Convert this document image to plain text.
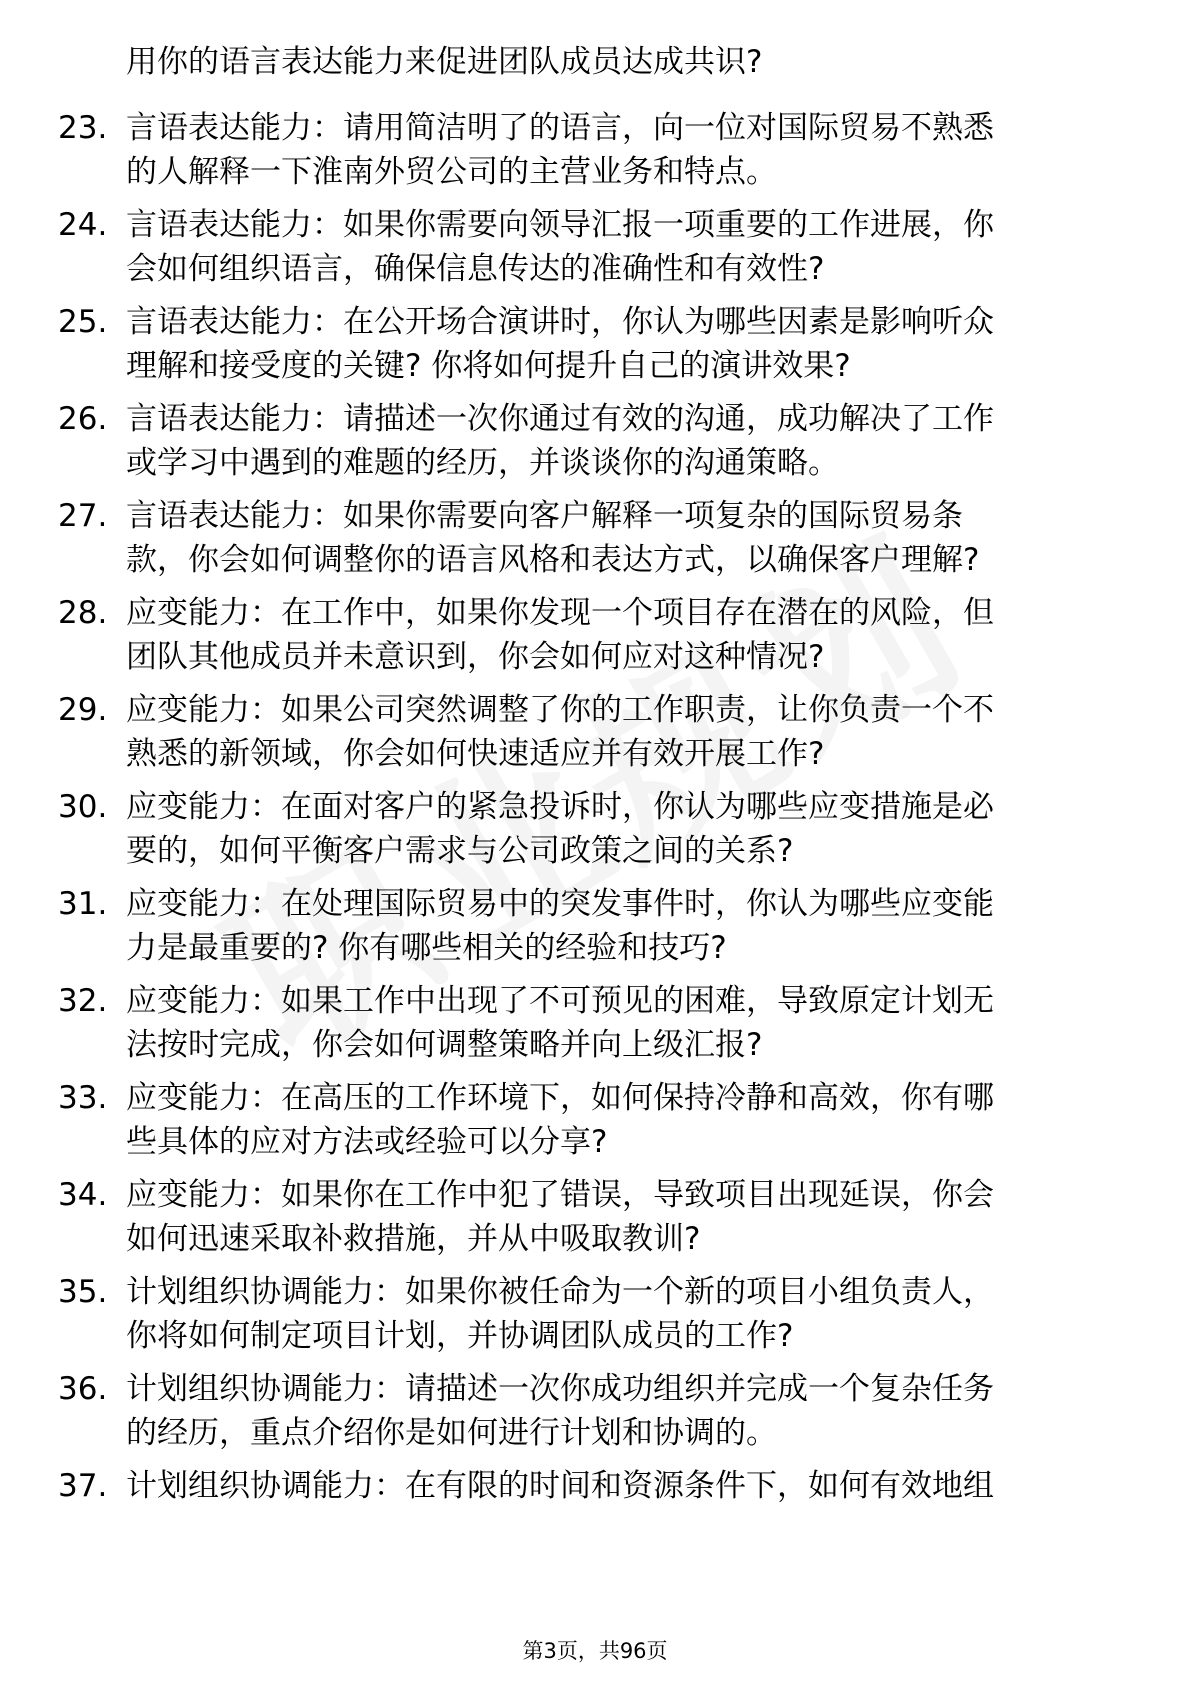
用你的语言表达能力来促进团队成员达成共识?
23. 言语表达能力：请用简洁明了的语言，向一位对国际贸易不熟悉
的人解释一下淮南外贸公司的主营业务和特点。
24. 言语表达能力：如果你需要向领导汇报一项重要的工作进展，你
会如何组织语言，确保信息传达的准确性和有效性?
25. 言语表达能力：在公开场合演讲时，你认为哪些因素是影响听众
理解和接受度的关键? 你将如何提升自己的演讲效果?
26. 言语表达能力：请描述一次你通过有效的沟通，成功解决了工作
或学习中遇到的难题的经历，并谈谈你的沟通策略。
27. 言语表达能力：如果你需要向客户解释一项复杂的国际贸易条
款，你会如何调整你的语言风格和表达方式，以确保客户理解?
28. 应变能力：在工作中，如果你发现一个项目存在潜在的风险，但
团队其他成员并未意识到，你会如何应对这种情况?
29. 应变能力：如果公司突然调整了你的工作职责，让你负责一个不
熟悉的新领域，你会如何快速适应并有效开展工作?
30. 应变能力：在面对客户的紧急投诉时，你认为哪些应变措施是必
要的，如何平衡客户需求与公司政策之间的关系?
31. 应变能力：在处理国际贸易中的突发事件时，你认为哪些应变能
力是最重要的? 你有哪些相关的经验和技巧?
32. 应变能力：如果工作中出现了不可预见的困难，导致原定计划无
法按时完成，你会如何调整策略并向上级汇报?
33. 应变能力：在高压的工作环境下，如何保持冷静和高效，你有哪
些具体的应对方法或经验可以分享?
34. 应变能力：如果你在工作中犯了错误，导致项目出现延误，你会
如何迅速采取补救措施，并从中吸取教训?
35. 计划组织协调能力：如果你被任命为一个新的项目小组负责人，
你将如何制定项目计划，并协调团队成员的工作?
36. 计划组织协调能力：请描述一次你成功组织并完成一个复杂任务
的经历，重点介绍你是如何进行计划和协调的。
37. 计划组织协调能力：在有限的时间和资源条件下，如何有效地组
第3页，共96页
